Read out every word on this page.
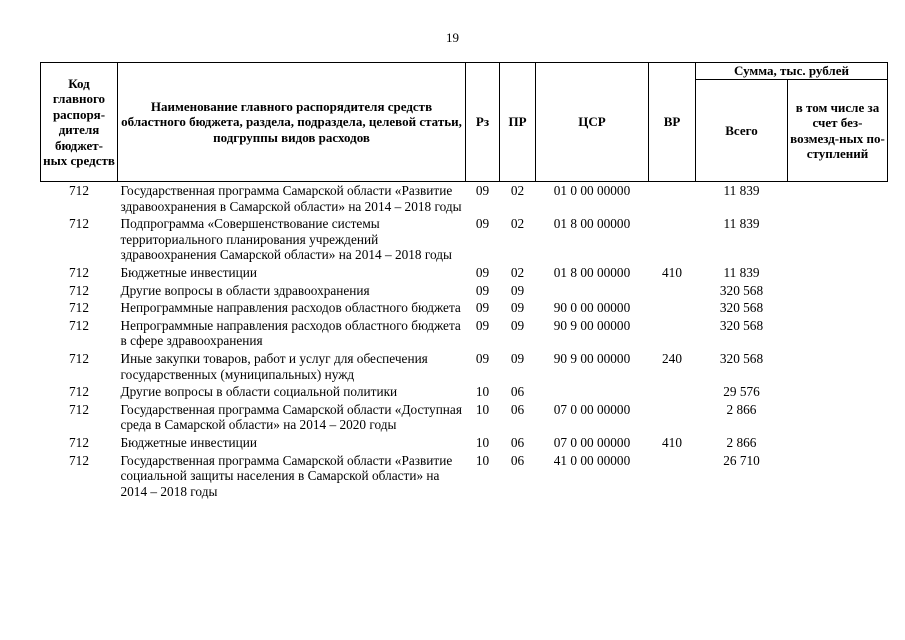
19
Код главного распоря-дителя бюджет-ных средств	Наименование главного распорядителя средств областного бюджета, раздела, подраздела, целевой статьи, подгруппы видов расходов	Рз	ПР	ЦСР	ВР	Сумма, тыс. рублей	
						Всего	в том числе за счет без-возмезд-ных по-ступлений
712	Государственная программа Самарской области «Развитие здравоохранения в Самарской области» на 2014 – 2018 годы	09	02	01 0 00 00000		11 839	
712	Подпрограмма «Совершенствование системы территориального планирования учреждений здравоохранения Самарской области» на 2014 – 2018 годы	09	02	01 8 00 00000		11 839	
712	Бюджетные инвестиции	09	02	01 8 00 00000	410	11 839	
712	Другие вопросы в области здравоохранения	09	09			320 568	
712	Непрограммные направления расходов областного бюджета	09	09	90 0 00 00000		320 568	
712	Непрограммные направления расходов областного бюджета в сфере здравоохранения	09	09	90 9 00 00000		320 568	
712	Иные закупки товаров, работ и услуг для обеспечения государственных (муниципальных) нужд	09	09	90 9 00 00000	240	320 568	
712	Другие вопросы в области социальной политики	10	06			29 576	
712	Государственная программа Самарской области «Доступная среда в Самарской области» на 2014 – 2020 годы	10	06	07 0 00 00000		2 866	
712	Бюджетные инвестиции	10	06	07 0 00 00000	410	2 866	
712	Государственная программа Самарской области «Развитие социальной защиты населения в Самарской области» на 2014 – 2018 годы	10	06	41 0 00 00000		26 710	
